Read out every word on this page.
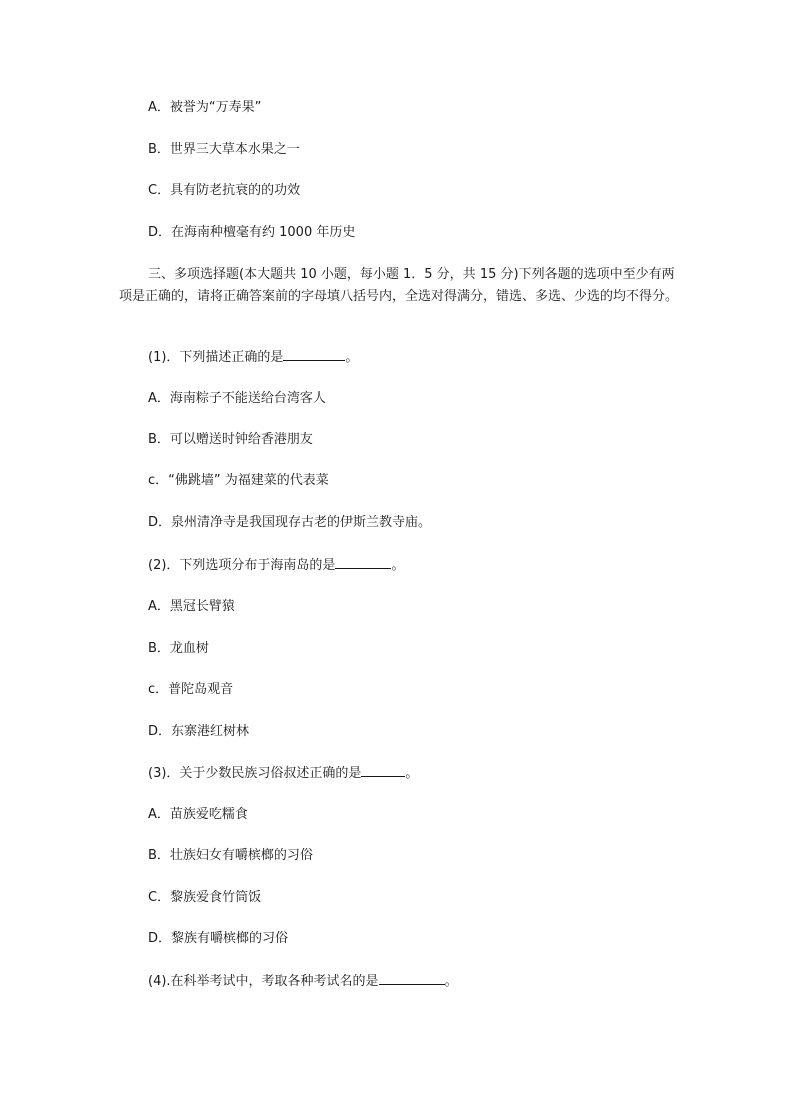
A．被誉为“万寿果”
B．世界三大草本水果之一
C．具有防老抗衰的的功效
D．在海南种檀毫有约 1000 年历史
三、多项选择题(本大题共 10 小题，每小题 1．5 分，共 15 分)下列各题的选项中至少有两项是正确的，请将正确答案前的字母填八括号内，全选对得满分，错选、多选、少选的均不得分。
(1)．下列描述正确的是	。
A．海南粽子不能送给台湾客人
B．可以赠送时钟给香港朋友
c．“佛跳墙” 为福建菜的代表菜
D．泉州清净寺是我国现存古老的伊斯兰教寺庙。
(2)．下列选项分布于海南岛的是	。
A．黑冠长臂猿
B．龙血树
c．普陀岛观音
D．东寨港红树林
(3)．关于少数民族习俗叔述正确的是	。
A．苗族爱吃糯食
B．壮族妇女有嚼槟榔的习俗
C．黎族爱食竹筒饭
D．黎族有嚼槟榔的习俗
(4).在科举考试中，考取各种考试名的是	。
